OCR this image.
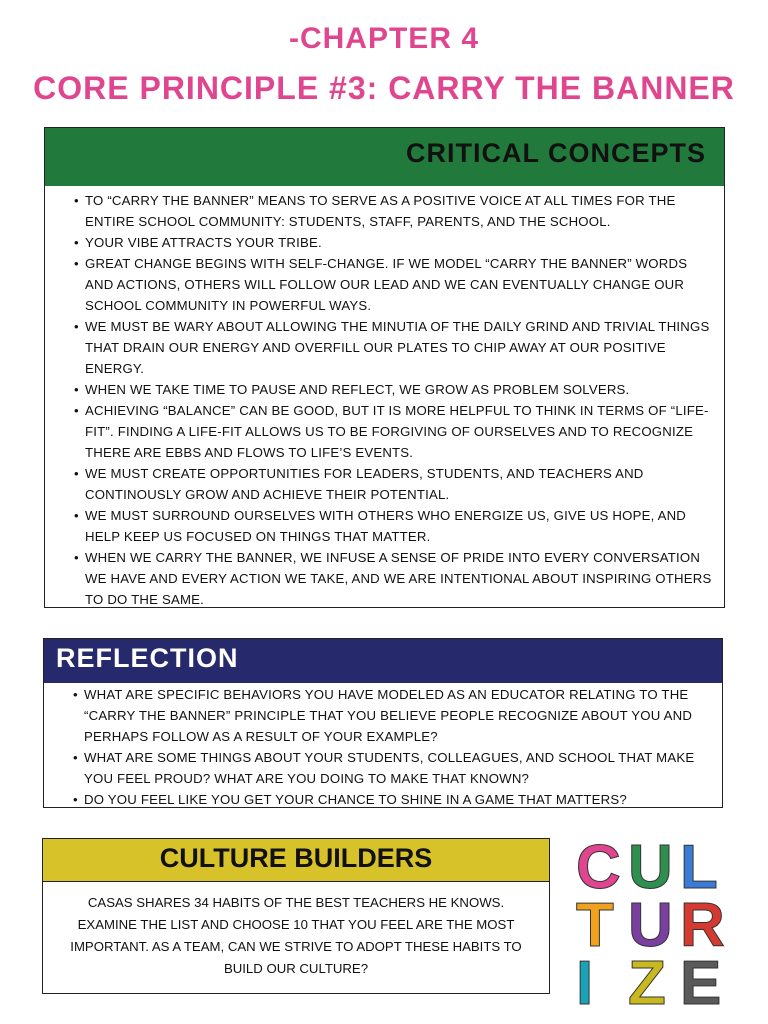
-CHAPTER 4
CORE PRINCIPLE #3: CARRY THE BANNER
CRITICAL CONCEPTS
• TO “CARRY THE BANNER” MEANS TO SERVE AS A POSITIVE VOICE AT ALL TIMES FOR THE ENTIRE SCHOOL COMMUNITY: STUDENTS, STAFF, PARENTS, AND THE SCHOOL.
• YOUR VIBE ATTRACTS YOUR TRIBE.
• GREAT CHANGE BEGINS WITH SELF-CHANGE. IF WE MODEL “CARRY THE BANNER” WORDS AND ACTIONS, OTHERS WILL FOLLOW OUR LEAD AND WE CAN EVENTUALLY CHANGE OUR SCHOOL COMMUNITY IN POWERFUL WAYS.
• WE MUST BE WARY ABOUT ALLOWING THE MINUTIA OF THE DAILY GRIND AND TRIVIAL THINGS THAT DRAIN OUR ENERGY AND OVERFILL OUR PLATES TO CHIP AWAY AT OUR POSITIVE ENERGY.
• WHEN WE TAKE TIME TO PAUSE AND REFLECT, WE GROW AS PROBLEM SOLVERS.
• ACHIEVING “BALANCE” CAN BE GOOD, BUT IT IS MORE HELPFUL TO THINK IN TERMS OF “LIFE-FIT”. FINDING A LIFE-FIT ALLOWS US TO BE FORGIVING OF OURSELVES AND TO RECOGNIZE THERE ARE EBBS AND FLOWS TO LIFE’S EVENTS.
• WE MUST CREATE OPPORTUNITIES FOR LEADERS, STUDENTS, AND TEACHERS AND CONTINOUSLY GROW AND ACHIEVE THEIR POTENTIAL.
• WE MUST SURROUND OURSELVES WITH OTHERS WHO ENERGIZE US, GIVE US HOPE, AND HELP KEEP US FOCUSED ON THINGS THAT MATTER.
• WHEN WE CARRY THE BANNER, WE INFUSE A SENSE OF PRIDE INTO EVERY CONVERSATION WE HAVE AND EVERY ACTION WE TAKE, AND WE ARE INTENTIONAL ABOUT INSPIRING OTHERS TO DO THE SAME.
REFLECTION
• WHAT ARE SPECIFIC BEHAVIORS YOU HAVE MODELED AS AN EDUCATOR RELATING TO THE “CARRY THE BANNER” PRINCIPLE THAT YOU BELIEVE PEOPLE RECOGNIZE ABOUT YOU AND PERHAPS FOLLOW AS A RESULT OF YOUR EXAMPLE?
• WHAT ARE SOME THINGS ABOUT YOUR STUDENTS, COLLEAGUES, AND SCHOOL THAT MAKE YOU FEEL PROUD? WHAT ARE YOU DOING TO MAKE THAT KNOWN?
• DO YOU FEEL LIKE YOU GET YOUR CHANCE TO SHINE IN A GAME THAT MATTERS?
CULTURE BUILDERS
CASAS SHARES 34 HABITS OF THE BEST TEACHERS HE KNOWS. EXAMINE THE LIST AND CHOOSE 10 THAT YOU FEEL ARE THE MOST IMPORTANT. AS A TEAM, CAN WE STRIVE TO ADOPT THESE HABITS TO BUILD OUR CULTURE?
C U L
T U R
I Z E
